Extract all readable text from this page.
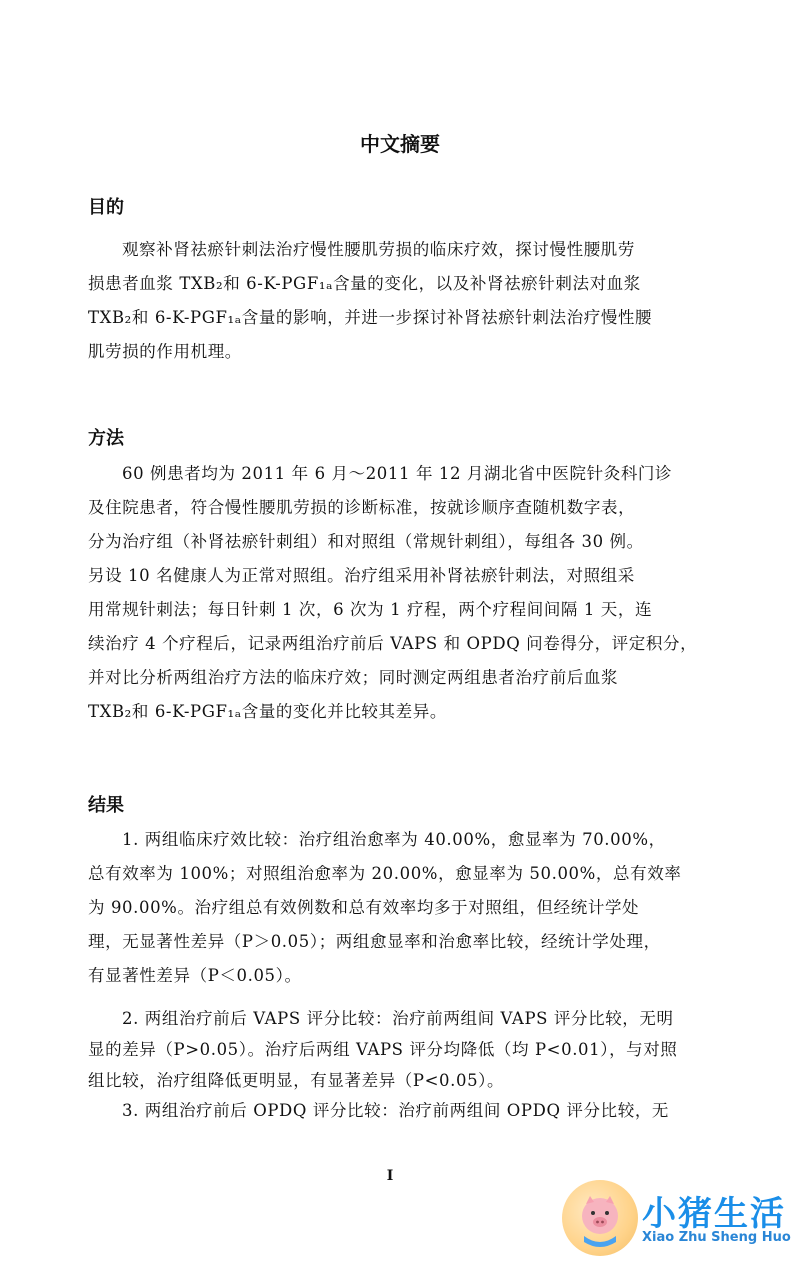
中文摘要
目的
观察补肾祛瘀针刺法治疗慢性腰肌劳损的临床疗效，探讨慢性腰肌劳
损患者血浆 TXB₂和 6-K-PGF₁ₐ含量的变化，以及补肾祛瘀针刺法对血浆
TXB₂和 6-K-PGF₁ₐ含量的影响，并进一步探讨补肾祛瘀针刺法治疗慢性腰
肌劳损的作用机理。
方法
60 例患者均为 2011 年 6 月～2011 年 12 月湖北省中医院针灸科门诊
及住院患者，符合慢性腰肌劳损的诊断标准，按就诊顺序查随机数字表，
分为治疗组（补肾祛瘀针刺组）和对照组（常规针刺组），每组各 30 例。
另设 10 名健康人为正常对照组。治疗组采用补肾祛瘀针刺法，对照组采
用常规针刺法；每日针刺 1 次，6 次为 1 疗程，两个疗程间间隔 1 天，连
续治疗 4 个疗程后，记录两组治疗前后 VAPS 和 OPDQ 问卷得分，评定积分，
并对比分析两组治疗方法的临床疗效；同时测定两组患者治疗前后血浆
TXB₂和 6-K-PGF₁ₐ含量的变化并比较其差异。
结果
1. 两组临床疗效比较：治疗组治愈率为 40.00%，愈显率为 70.00%，
总有效率为 100%；对照组治愈率为 20.00%，愈显率为 50.00%，总有效率
为 90.00%。治疗组总有效例数和总有效率均多于对照组，但经统计学处
理，无显著性差异（P＞0.05）；两组愈显率和治愈率比较，经统计学处理，
有显著性差异（P＜0.05）。
2. 两组治疗前后 VAPS 评分比较：治疗前两组间 VAPS 评分比较，无明
显的差异（P>0.05）。治疗后两组 VAPS 评分均降低（均 P<0.01），与对照
组比较，治疗组降低更明显，有显著差异（P<0.05）。
3. 两组治疗前后 OPDQ 评分比较：治疗前两组间 OPDQ 评分比较，无
I
小猪生活
Xiao Zhu Sheng Huo
